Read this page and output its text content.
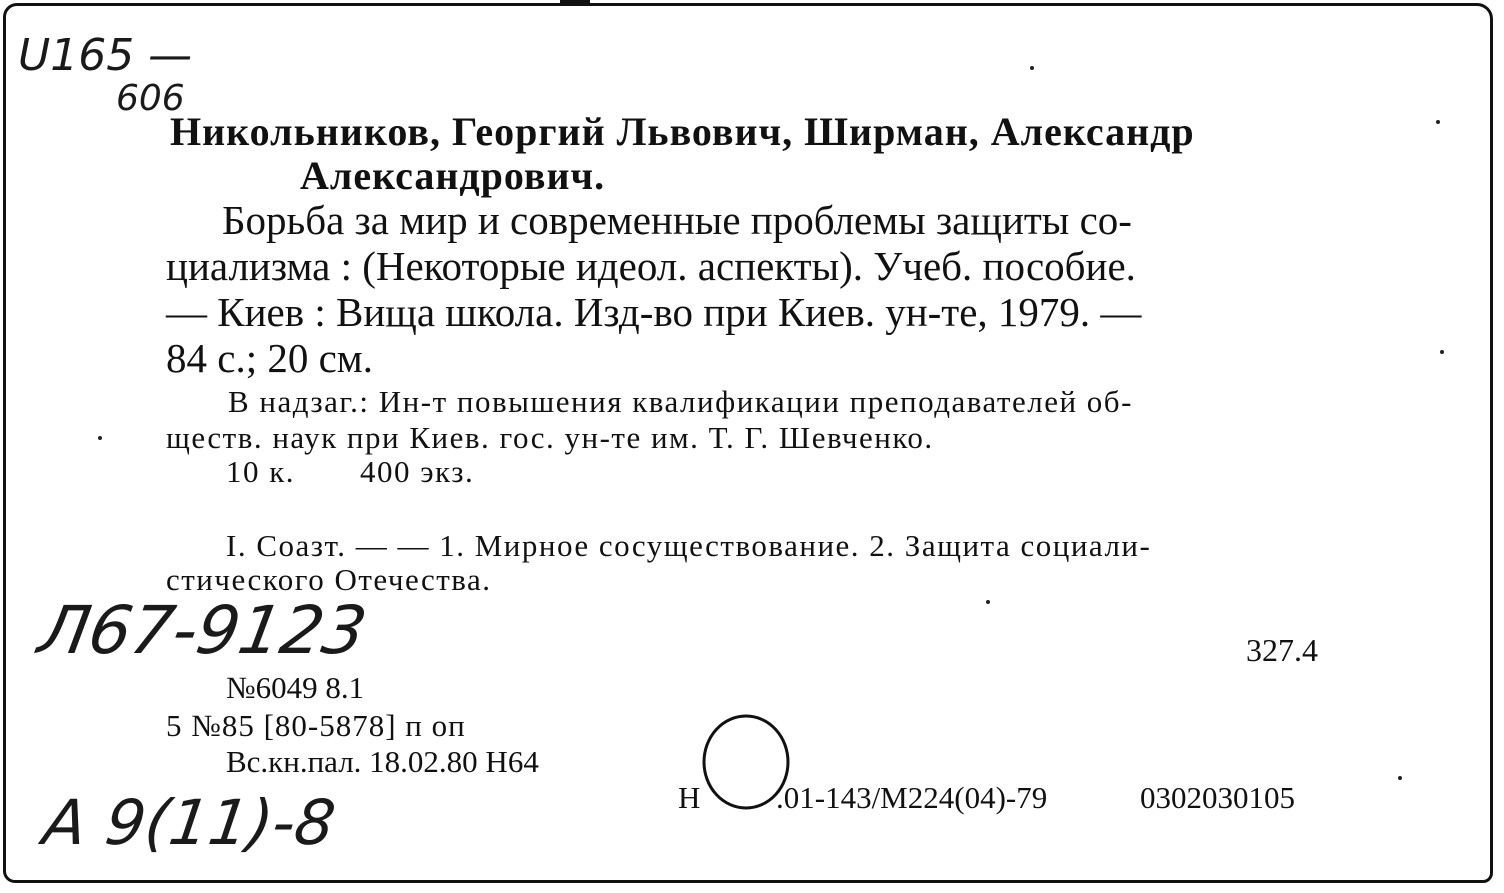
U165 —
606
Никольников, Георгий Львович, Ширман, Александр
Александрович.
Борьба за мир и современные проблемы защиты со-
циализма : (Некоторые идеол. аспекты). Учеб. пособие.
— Киев : Вища школа. Изд-во при Киев. ун-те, 1979. —
84 с.; 20 см.
В надзаг.: Ин-т повышения квалификации преподавателей об-
ществ. наук при Киев. гос. ун-те им. Т. Г. Шевченко.
10 к. 400 экз.
I. Соазт. — — 1. Мирное сосуществование. 2. Защита социали-
стического Отечества.
Л67-9123	327.4
№6049 8.1
5 №85 [80-5878] п оп
Вс.кн.пал. 18.02.80 Н64
Н .01-143/М224(04)-79	0302030105
А 9(11)-8
